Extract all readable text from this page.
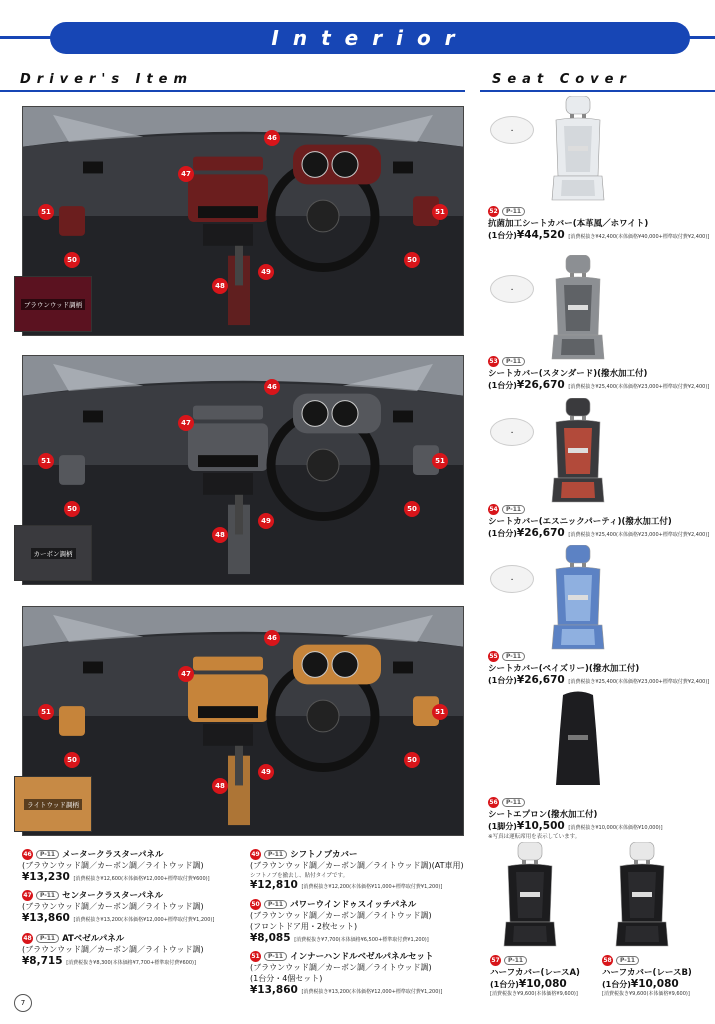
Interior
Driver's Item	Seat Cover
46
47
48
49
50	50
51	51
ブラウンウッド調柄
46
47
48
49
50	50
51	51
カーボン調柄
46
47
48
49
50	50
51	51
ライトウッド調柄
46 P-11 メータークラスターパネル
(ブラウンウッド調／カーボン調／ライトウッド調)
¥13,230 [消費税抜き¥12,600(本体価格¥12,000+標準取付費¥600)]
47 P-11 センタークラスターパネル
(ブラウンウッド調／カーボン調／ライトウッド調)
¥13,860 [消費税抜き¥13,200(本体価格¥12,000+標準取付費¥1,200)]
48 P-11 ATベゼルパネル
(ブラウンウッド調／カーボン調／ライトウッド調)
¥8,715 [消費税抜き¥8,300(本体価格¥7,700+標準取付費¥600)]
49 P-11 シフトノブカバー
(ブラウンウッド調／カーボン調／ライトウッド調)(AT車用)
シフトノブを撤去し、貼付タイプです。
¥12,810 [消費税抜き¥12,200(本体価格¥11,000+標準取付費¥1,200)]
50 P-11 パワーウインドゥスイッチパネル
(ブラウンウッド調／カーボン調／ライトウッド調)
(フロントドア用・2枚セット)
¥8,085 [消費税抜き¥7,700(本体価格¥6,500+標準取付費¥1,200)]
51 P-11 インナーハンドルベゼルパネルセット
(ブラウンウッド調／カーボン調／ライトウッド調)
(1台分・4個セット)
¥13,860 [消費税抜き¥13,200(本体価格¥12,000+標準取付費¥1,200)]
•
52 P-11
抗菌加工シートカバー(本革風／ホワイト)
(1台分)¥44,520 [消費税抜き¥42,400(本体価格¥40,000+標準取付費¥2,400)]
•
53 P-11
シートカバー(スタンダード)(撥水加工付)
(1台分)¥26,670 [消費税抜き¥25,400(本体価格¥23,000+標準取付費¥2,400)]
•
54 P-11
シートカバー(エスニックパーティ)(撥水加工付)
(1台分)¥26,670 [消費税抜き¥25,400(本体価格¥23,000+標準取付費¥2,400)]
•
55 P-11
シートカバー(ペイズリー)(撥水加工付)
(1台分)¥26,670 [消費税抜き¥25,400(本体価格¥23,000+標準取付費¥2,400)]
56 P-11
シートエプロン(撥水加工付)
(1脚分)¥10,500 [消費税抜き¥10,000(本体価格¥10,000)]
※写真は運転席用を表示しています。
57 P-11
ハーフカバー(レースA)
(1台分)¥10,080
[消費税抜き¥9,600(本体価格¥9,600)]
58 P-11
ハーフカバー(レースB)
(1台分)¥10,080
[消費税抜き¥9,600(本体価格¥9,600)]
7
